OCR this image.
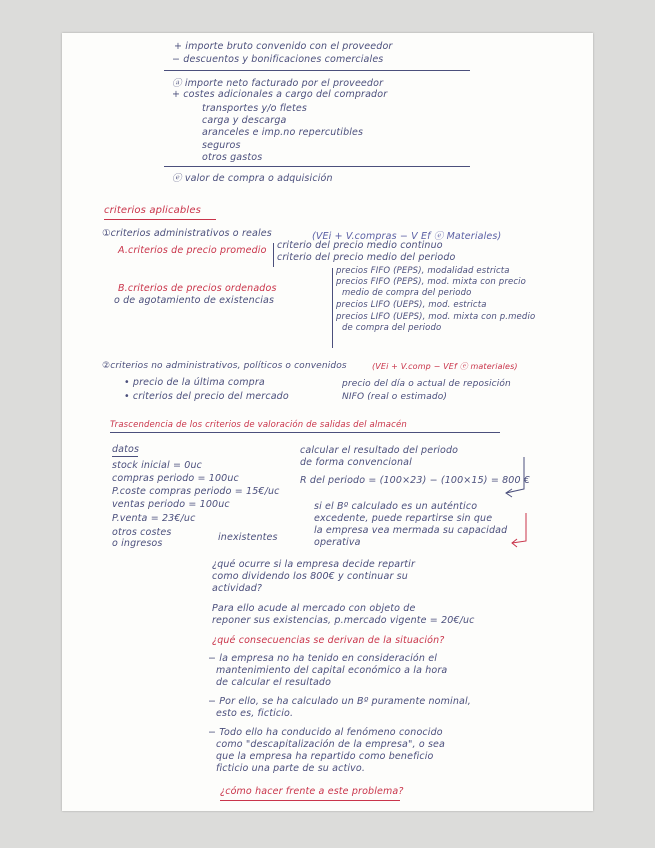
+ importe bruto convenido con el proveedor
− descuentos y bonificaciones comerciales
ⓐ importe neto facturado por el proveedor
+ costes adicionales a cargo del comprador
transportes y/o fletes
carga y descarga
aranceles e imp.no repercutibles
seguros
otros gastos
ⓔ valor de compra o adquisición
criterios aplicables
①criterios administrativos o reales	(VEi + V.compras − V Ef ⓔ Materiales)
A.criterios de precio promedio criterio del precio medio continuo
criterio del precio medio del periodo
B.criterios de precios ordenados
o de agotamiento de existencias
precios FIFO (PEPS), modalidad estricta
precios FIFO (PEPS), mod. mixta con precio
medio de compra del periodo
precios LIFO (UEPS), mod. estricta
precios LIFO (UEPS), mod. mixta con p.medio
de compra del periodo
②criterios no administrativos, políticos o convenidos	(VEi + V.comp − VEf ⓔ materiales)
• precio de la última compra
• criterios del precio del mercado
precio del día o actual de reposición
NIFO (real o estimado)
Trascendencia de los criterios de valoración de salidas del almacén
datos
stock inicial = 0uc
compras periodo = 100uc
P.coste compras periodo = 15€/uc
ventas periodo = 100uc
P.venta = 23€/uc
otros costes
o ingresos
inexistentes
calcular el resultado del periodo
de forma convencional
R del periodo = (100×23) − (100×15) = 800 €
si el Bº calculado es un auténtico
excedente, puede repartirse sin que
la empresa vea mermada su capacidad
operativa
¿qué ocurre si la empresa decide repartir
como dividendo los 800€ y continuar su
actividad?
Para ello acude al mercado con objeto de
reponer sus existencias, p.mercado vigente = 20€/uc
¿qué consecuencias se derivan de la situación?
− la empresa no ha tenido en consideración el
mantenimiento del capital económico a la hora
de calcular el resultado
− Por ello, se ha calculado un Bº puramente nominal,
esto es, ficticio.
− Todo ello ha conducido al fenómeno conocido
como "descapitalización de la empresa", o sea
que la empresa ha repartido como beneficio
ficticio una parte de su activo.
¿cómo hacer frente a este problema?
